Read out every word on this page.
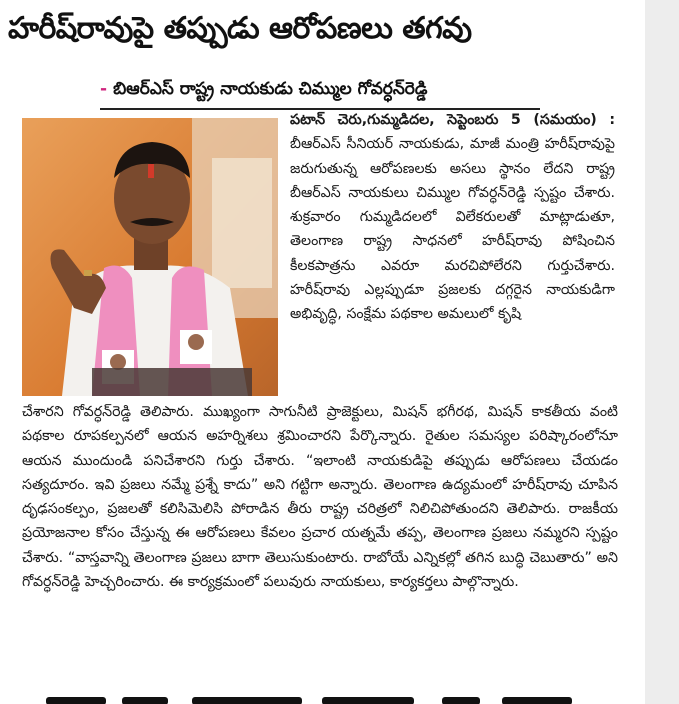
హరీష్‌రావుపై తప్పుడు ఆరోపణలు తగవు
- బిఆర్ఎస్ రాష్ట్ర నాయకుడు చిమ్ముల గోవర్ధన్‌రెడ్డి
పటాన్ చెరు,గుమ్మడిదల, సెప్టెంబరు 5 (సమయం) : బీఆర్ఎస్ సీనియర్ నాయకుడు, మాజీ మంత్రి హరీష్‌రావుపై జరుగుతున్న ఆరోపణలకు అసలు స్థానం లేదని రాష్ట్ర బీఆర్ఎస్ నాయకులు చిమ్ముల గోవర్ధన్‌రెడ్డి స్పష్టం చేశారు. శుక్రవారం గుమ్మడిదలలో విలేకరులతో మాట్లాడుతూ, తెలంగాణ రాష్ట్ర సాధనలో హరీష్‌రావు పోషించిన కీలకపాత్రను ఎవరూ మరచిపోలేరని గుర్తుచేశారు. హరీష్‌రావు ఎల్లప్పుడూ ప్రజలకు దగ్గరైన నాయకుడిగా అభివృద్ధి, సంక్షేమ పథకాల అమలులో కృషి
చేశారని గోవర్ధన్‌రెడ్డి తెలిపారు. ముఖ్యంగా సాగునీటి ప్రాజెక్టులు, మిషన్ భగీరథ, మిషన్ కాకతీయ వంటి పథకాల రూపకల్పనలో ఆయన అహర్నిశలు శ్రమించారని పేర్కొన్నారు. రైతుల సమస్యల పరిష్కారంలోనూ ఆయన ముందుండి పనిచేశారని గుర్తు చేశారు. “ఇలాంటి నాయకుడిపై తప్పుడు ఆరోపణలు చేయడం సత్యదూరం. ఇవి ప్రజలు నమ్మే ప్రశ్నే కాదు” అని గట్టిగా అన్నారు. తెలంగాణ ఉద్యమంలో హరీష్‌రావు చూపిన దృఢసంకల్పం, ప్రజలతో కలిసిమెలిసి పోరాడిన తీరు రాష్ట్ర చరిత్రలో నిలిచిపోతుందని తెలిపారు. రాజకీయ ప్రయోజనాల కోసం చేస్తున్న ఈ ఆరోపణలు కేవలం ప్రచార యత్నమే తప్ప, తెలంగాణ ప్రజలు నమ్మరని స్పష్టం చేశారు. “వాస్తవాన్ని తెలంగాణ ప్రజలు బాగా తెలుసుకుంటారు. రాబోయే ఎన్నికల్లో తగిన బుద్ధి చెబుతారు” అని గోవర్ధన్‌రెడ్డి హెచ్చరించారు. ఈ కార్యక్రమంలో పలువురు నాయకులు, కార్యకర్తలు పాల్గొన్నారు.
